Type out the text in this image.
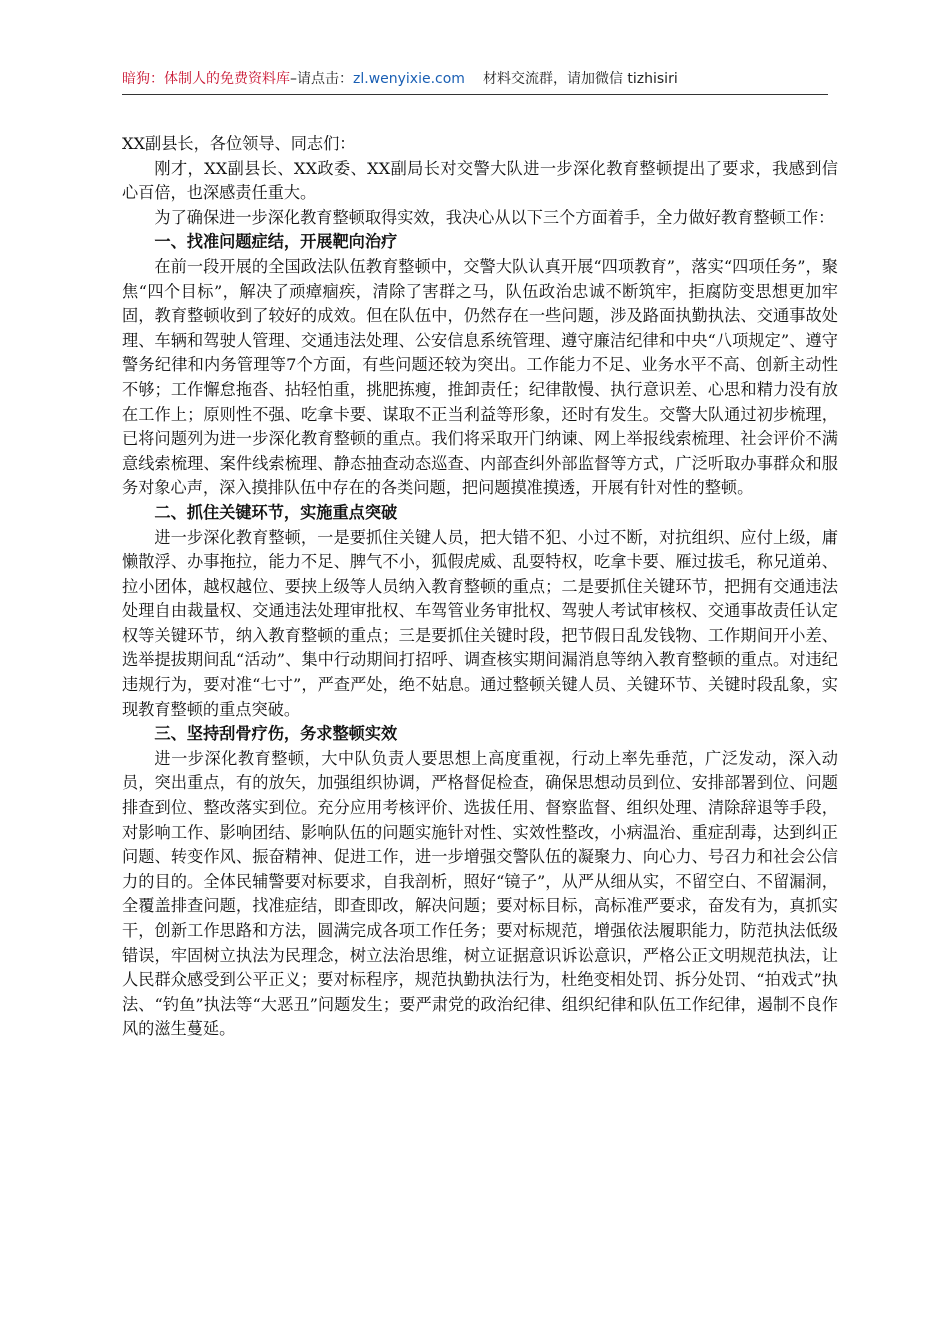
暗狗：体制人的免费资料库–请点击：zl.wenyixie.com 材料交流群，请加微信 tizhisiri

XX副县长，各位领导、同志们：

刚才，XX副县长、XX政委、XX副局长对交警大队进一步深化教育整顿提出了要求，我感到信心百倍，也深感责任重大。

为了确保进一步深化教育整顿取得实效，我决心从以下三个方面着手，全力做好教育整顿工作：

一、找准问题症结，开展靶向治疗

在前一段开展的全国政法队伍教育整顿中，交警大队认真开展“四项教育”，落实“四项任务”，聚焦“四个目标”，解决了顽瘴痼疾，清除了害群之马，队伍政治忠诚不断筑牢，拒腐防变思想更加牢固，教育整顿收到了较好的成效。但在队伍中，仍然存在一些问题，涉及路面执勤执法、交通事故处理、车辆和驾驶人管理、交通违法处理、公安信息系统管理、遵守廉洁纪律和中央“八项规定”、遵守警务纪律和内务管理等7个方面，有些问题还较为突出。工作能力不足、业务水平不高、创新主动性不够；工作懈怠拖沓、拈轻怕重，挑肥拣瘦，推卸责任；纪律散慢、执行意识差、心思和精力没有放在工作上；原则性不强、吃拿卡要、谋取不正当利益等形象，还时有发生。交警大队通过初步梳理，已将问题列为进一步深化教育整顿的重点。我们将采取开门纳谏、网上举报线索梳理、社会评价不满意线索梳理、案件线索梳理、静态抽查动态巡查、内部查纠外部监督等方式，广泛听取办事群众和服务对象心声，深入摸排队伍中存在的各类问题，把问题摸准摸透，开展有针对性的整顿。

二、抓住关键环节，实施重点突破

进一步深化教育整顿，一是要抓住关键人员，把大错不犯、小过不断，对抗组织、应付上级，庸懒散浮、办事拖拉，能力不足、脾气不小，狐假虎威、乱耍特权，吃拿卡要、雁过拔毛，称兄道弟、拉小团体，越权越位、要挟上级等人员纳入教育整顿的重点；二是要抓住关键环节，把拥有交通违法处理自由裁量权、交通违法处理审批权、车驾管业务审批权、驾驶人考试审核权、交通事故责任认定权等关键环节，纳入教育整顿的重点；三是要抓住关键时段，把节假日乱发钱物、工作期间开小差、选举提拔期间乱“活动”、集中行动期间打招呼、调查核实期间漏消息等纳入教育整顿的重点。对违纪违规行为，要对准“七寸”，严查严处，绝不姑息。通过整顿关键人员、关键环节、关键时段乱象，实现教育整顿的重点突破。

三、坚持刮骨疗伤，务求整顿实效

进一步深化教育整顿，大中队负责人要思想上高度重视，行动上率先垂范，广泛发动，深入动员，突出重点，有的放矢，加强组织协调，严格督促检查，确保思想动员到位、安排部署到位、问题排查到位、整改落实到位。充分应用考核评价、选拔任用、督察监督、组织处理、清除辞退等手段，对影响工作、影响团结、影响队伍的问题实施针对性、实效性整改，小病温治、重症刮毒，达到纠正问题、转变作风、振奋精神、促进工作，进一步增强交警队伍的凝聚力、向心力、号召力和社会公信力的目的。全体民辅警要对标要求，自我剖析，照好“镜子”，从严从细从实，不留空白、不留漏洞，全覆盖排查问题，找准症结，即查即改，解决问题；要对标目标，高标准严要求，奋发有为，真抓实干，创新工作思路和方法，圆满完成各项工作任务；要对标规范，增强依法履职能力，防范执法低级错误，牢固树立执法为民理念，树立法治思维，树立证据意识诉讼意识，严格公正文明规范执法，让人民群众感受到公平正义；要对标程序，规范执勤执法行为，杜绝变相处罚、拆分处罚、“拍戏式”执法、“钓鱼”执法等“大恶丑”问题发生；要严肃党的政治纪律、组织纪律和队伍工作纪律，遏制不良作风的滋生蔓延。
